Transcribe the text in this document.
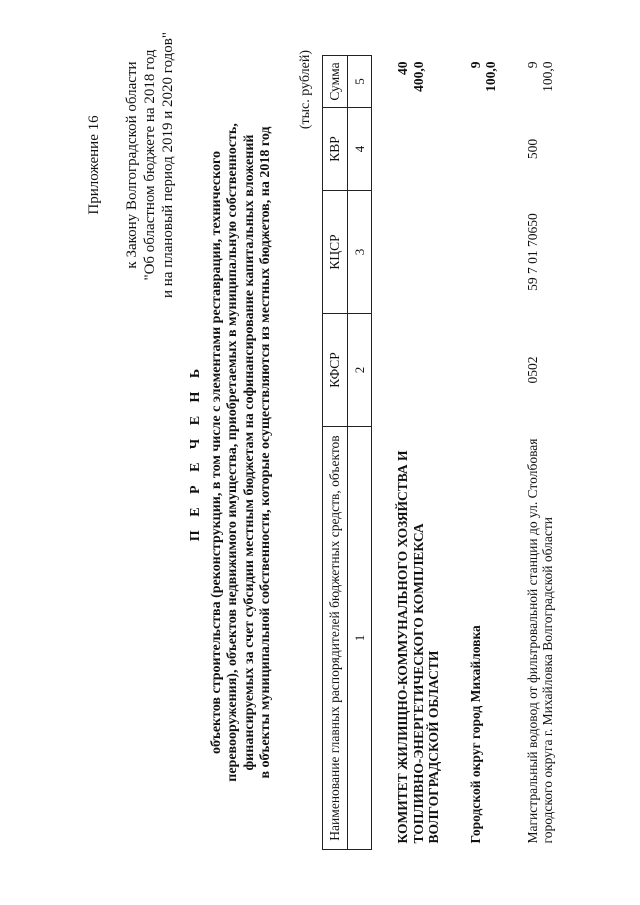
Приложение 16 к Закону Волгоградской области "Об областном бюджете на 2018 год и на плановый период 2019 и 2020 годов"
П Е Р Е Ч Е Н Ь объектов строительства (реконструкции, в том числе с элементами реставрации, технического перевооружения), объектов недвижимого имущества, приобретаемых в муниципальную собственность, финансируемых за счет субсидии местным бюджетам на софинансирование капитальных вложений в объекты муниципальной собственности, которые осуществляются из местных бюджетов, на 2018 год
(тыс. рублей)
Наименование главных распорядителей бюджетных средств, объектов	КФСР	КЦСР	КВР	Сумма
1	2	3	4	5

КОМИТЕТ ЖИЛИЩНО-КОММУНАЛЬНОГО ХОЗЯЙСТВА И ТОПЛИВНО-ЭНЕРГЕТИЧЕСКОГО КОМПЛЕКСА ВОЛГОГРАДСКОЙ ОБЛАСТИ				40 400,0

Городской округ город Михайловка				9 100,0

Магистральный водовод от фильтровальной станции до ул. Столбовая городского округа г. Михайловка Волгоградской области	0502	59 7 01 70650	500	9 100,0
